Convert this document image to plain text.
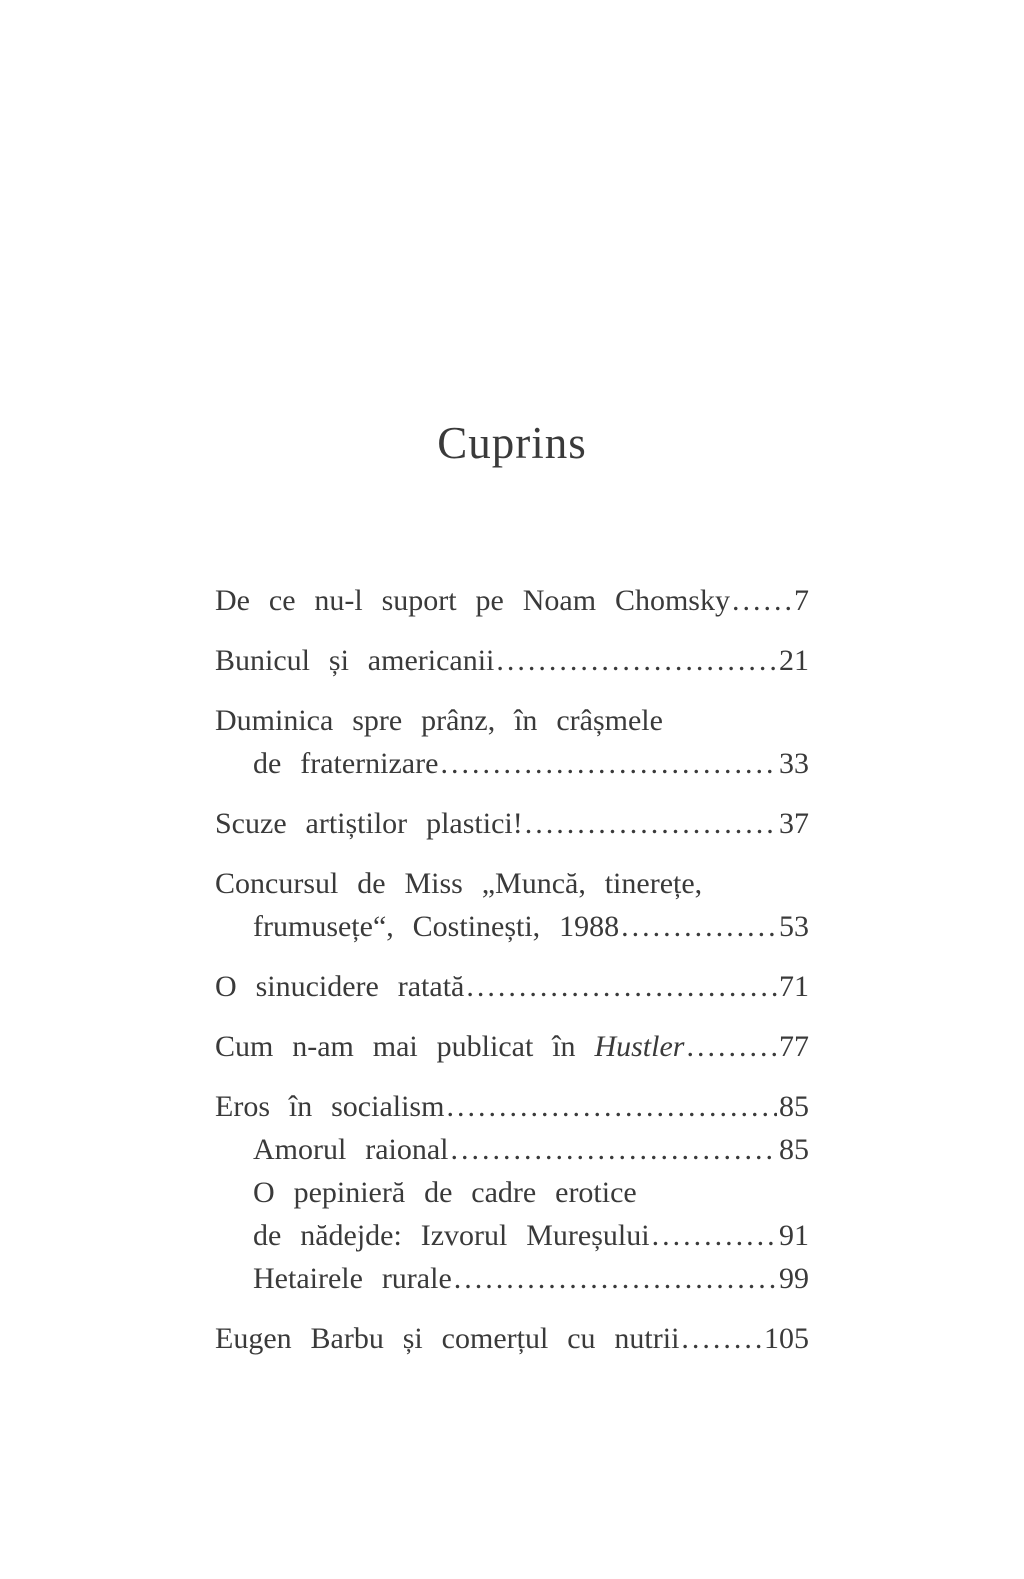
Cuprins
De ce nu-l suport pe Noam Chomsky ..... 7
Bunicul și americanii .....	21
Duminica spre prânz, în crâșmele
de fraternizare .....	33
Scuze artiștilor plastici! .....	37
Concursul de Miss „Muncă, tinerețe,
frumusețe“, Costinești, 1988 .....	53
O sinucidere ratată .....	71
Cum n-am mai publicat în Hustler .....	77
Eros în socialism .....	85
Amorul raional .....	85
O pepinieră de cadre erotice
de nădejde: Izvorul Mureșului .....	91
Hetairele rurale .....	99
Eugen Barbu și comerțul cu nutrii .....	105
